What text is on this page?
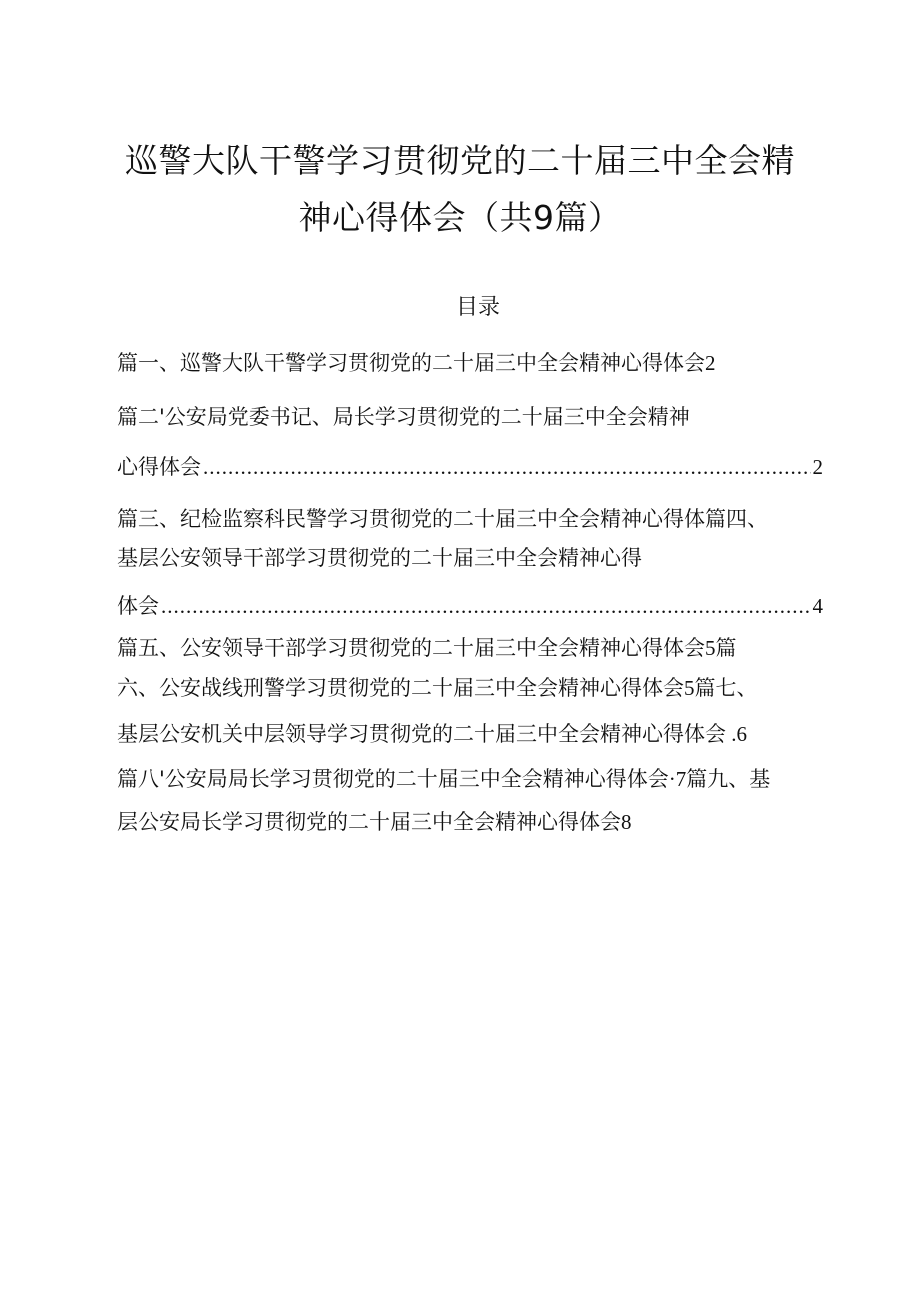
巡警大队干警学习贯彻党的二十届三中全会精
神心得体会（共9篇）
目录
篇一、巡警大队干警学习贯彻党的二十届三中全会精神心得体会2
篇二'公安局党委书记、局长学习贯彻党的二十届三中全会精神
心得体会 .....	2
篇三、纪检监察科民警学习贯彻党的二十届三中全会精神心得体篇四、
基层公安领导干部学习贯彻党的二十届三中全会精神心得
体会 .....	4
篇五、公安领导干部学习贯彻党的二十届三中全会精神心得体会5篇
六、公安战线刑警学习贯彻党的二十届三中全会精神心得体会5篇七、
基层公安机关中层领导学习贯彻党的二十届三中全会精神心得体会 .6
篇八'公安局局长学习贯彻党的二十届三中全会精神心得体会·7篇九、基
层公安局长学习贯彻党的二十届三中全会精神心得体会8
